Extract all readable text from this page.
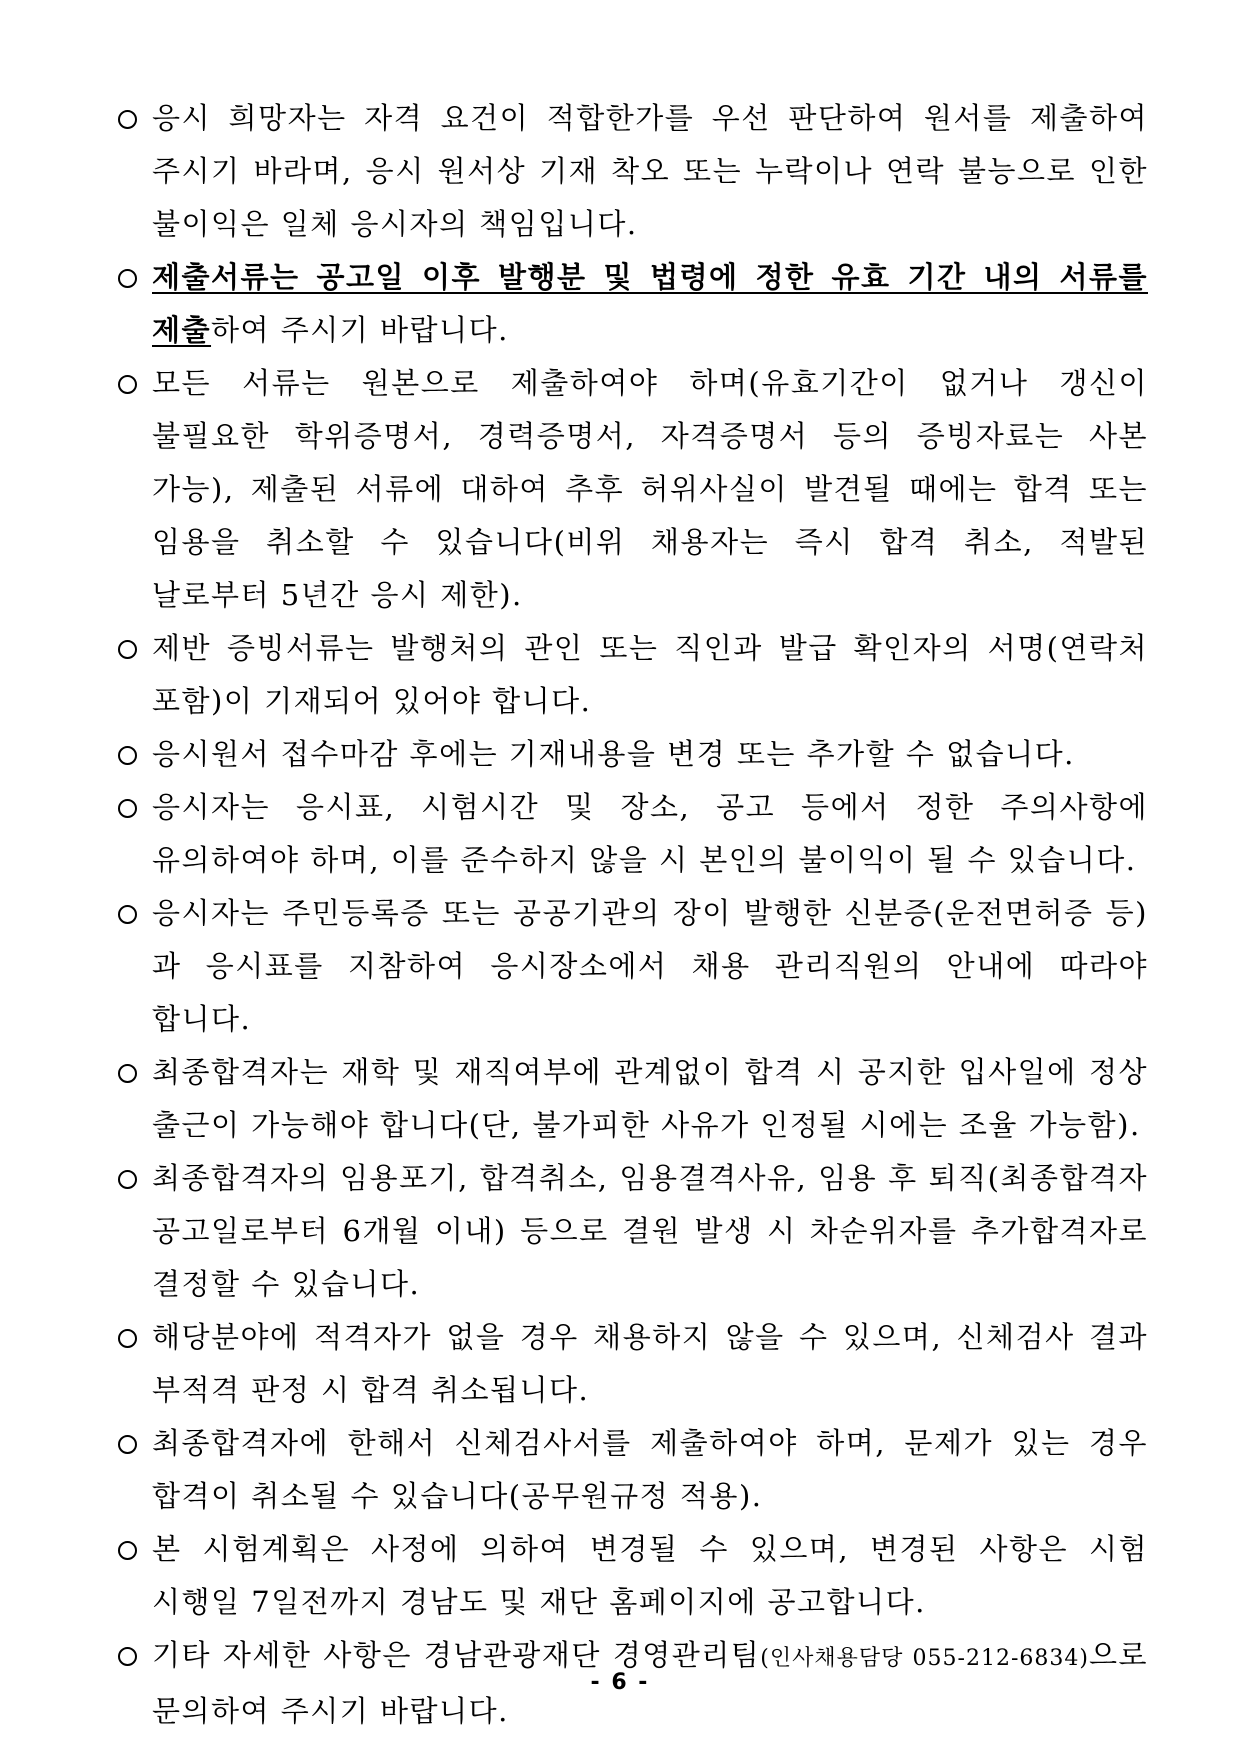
응시 희망자는 자격 요건이 적합한가를 우선 판단하여 원서를 제출하여 주시기 바라며, 응시 원서상 기재 착오 또는 누락이나 연락 불능으로 인한 불이익은 일체 응시자의 책임입니다.
제출서류는 공고일 이후 발행분 및 법령에 정한 유효 기간 내의 서류를 제출하여 주시기 바랍니다.
모든 서류는 원본으로 제출하여야 하며(유효기간이 없거나 갱신이 불필요한 학위증명서, 경력증명서, 자격증명서 등의 증빙자료는 사본 가능), 제출된 서류에 대하여 추후 허위사실이 발견될 때에는 합격 또는 임용을 취소할 수 있습니다(비위 채용자는 즉시 합격 취소, 적발된 날로부터 5년간 응시 제한).
제반 증빙서류는 발행처의 관인 또는 직인과 발급 확인자의 서명(연락처 포함)이 기재되어 있어야 합니다.
응시원서 접수마감 후에는 기재내용을 변경 또는 추가할 수 없습니다.
응시자는 응시표, 시험시간 및 장소, 공고 등에서 정한 주의사항에 유의하여야 하며, 이를 준수하지 않을 시 본인의 불이익이 될 수 있습니다.
응시자는 주민등록증 또는 공공기관의 장이 발행한 신분증(운전면허증 등)과 응시표를 지참하여 응시장소에서 채용 관리직원의 안내에 따라야 합니다.
최종합격자는 재학 및 재직여부에 관계없이 합격 시 공지한 입사일에 정상 출근이 가능해야 합니다(단, 불가피한 사유가 인정될 시에는 조율 가능함).
최종합격자의 임용포기, 합격취소, 임용결격사유, 임용 후 퇴직(최종합격자 공고일로부터 6개월 이내) 등으로 결원 발생 시 차순위자를 추가합격자로 결정할 수 있습니다.
해당분야에 적격자가 없을 경우 채용하지 않을 수 있으며, 신체검사 결과 부적격 판정 시 합격 취소됩니다.
최종합격자에 한해서 신체검사서를 제출하여야 하며, 문제가 있는 경우 합격이 취소될 수 있습니다(공무원규정 적용).
본 시험계획은 사정에 의하여 변경될 수 있으며, 변경된 사항은 시험 시행일 7일전까지 경남도 및 재단 홈페이지에 공고합니다.
기타 자세한 사항은 경남관광재단 경영관리팀(인사채용담당 055-212-6834)으로 문의하여 주시기 바랍니다.
- 6 -
